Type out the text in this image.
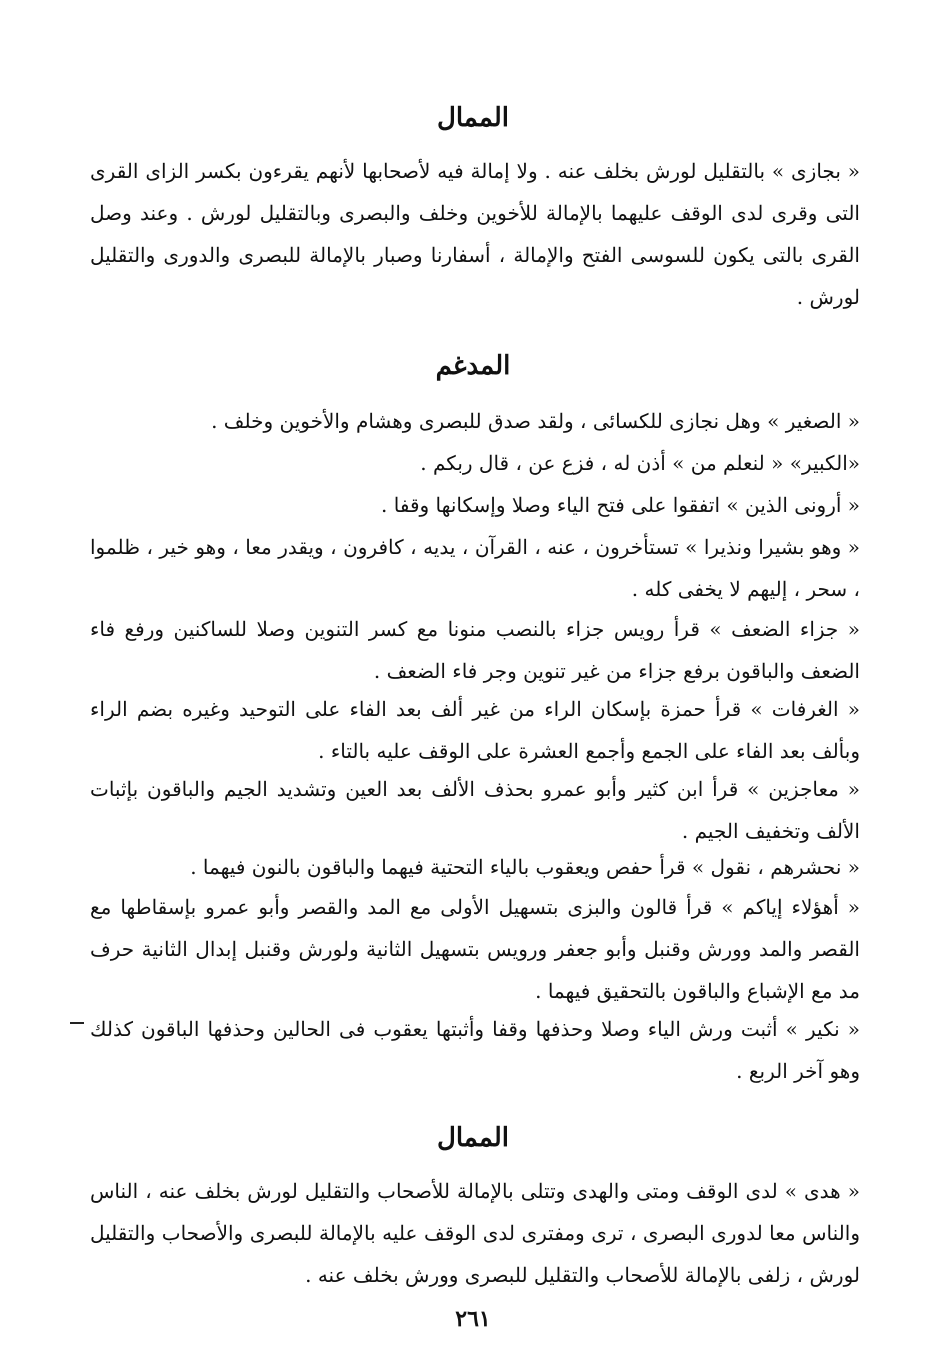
الممال
« بجازى » بالتقليل لورش بخلف عنه . ولا إمالة فيه لأصحابها لأنهم يقرءون بكسر الزاى القرى التى وقرى لدى الوقف عليهما بالإمالة للأخوين وخلف والبصرى وبالتقليل لورش . وعند وصل القرى بالتى يكون للسوسى الفتح والإمالة ، أسفارنا وصبار بالإمالة للبصرى والدورى والتقليل لورش .
المدغم
« الصغير » وهل نجازى للكسائى ، ولقد صدق للبصرى وهشام والأخوين وخلف .
«الكبير» « لنعلم من » أذن له ، فزع عن ، قال ربكم .
« أرونى الذين » اتفقوا على فتح الياء وصلا وإسكانها وقفا .
« وهو بشيرا ونذيرا » تستأخرون ، عنه ، القرآن ، يديه ، كافرون ، ويقدر معا ، وهو خير ، ظلموا ، سحر ، إليهم لا يخفى كله .
« جزاء الضعف » قرأ رويس جزاء بالنصب منونا مع كسر التنوين وصلا للساكنين ورفع فاء الضعف والباقون برفع جزاء من غير تنوين وجر فاء الضعف .
« الغرفات » قرأ حمزة بإسكان الراء من غير ألف بعد الفاء على التوحيد وغيره بضم الراء وبألف بعد الفاء على الجمع وأجمع العشرة على الوقف عليه بالتاء .
« معاجزين » قرأ ابن كثير وأبو عمرو بحذف الألف بعد العين وتشديد الجيم والباقون بإثبات الألف وتخفيف الجيم .
« نحشرهم ، نقول » قرأ حفص ويعقوب بالياء التحتية فيهما والباقون بالنون فيهما .
« أهؤلاء إياكم » قرأ قالون والبزى بتسهيل الأولى مع المد والقصر وأبو عمرو بإسقاطها مع القصر والمد وورش وقنبل وأبو جعفر ورويس بتسهيل الثانية ولورش وقنبل إبدال الثانية حرف مد مع الإشباع والباقون بالتحقيق فيهما .
« نكير » أثبت ورش الياء وصلا وحذفها وقفا وأثبتها يعقوب فى الحالين وحذفها الباقون كذلك وهو آخر الربع .
الممال
« هدى » لدى الوقف ومتى والهدى وتتلى بالإمالة للأصحاب والتقليل لورش بخلف عنه ، الناس والناس معا لدورى البصرى ، ترى ومفترى لدى الوقف عليه بالإمالة للبصرى والأصحاب والتقليل لورش ، زلفى بالإمالة للأصحاب والتقليل للبصرى وورش بخلف عنه .
٢٦١
